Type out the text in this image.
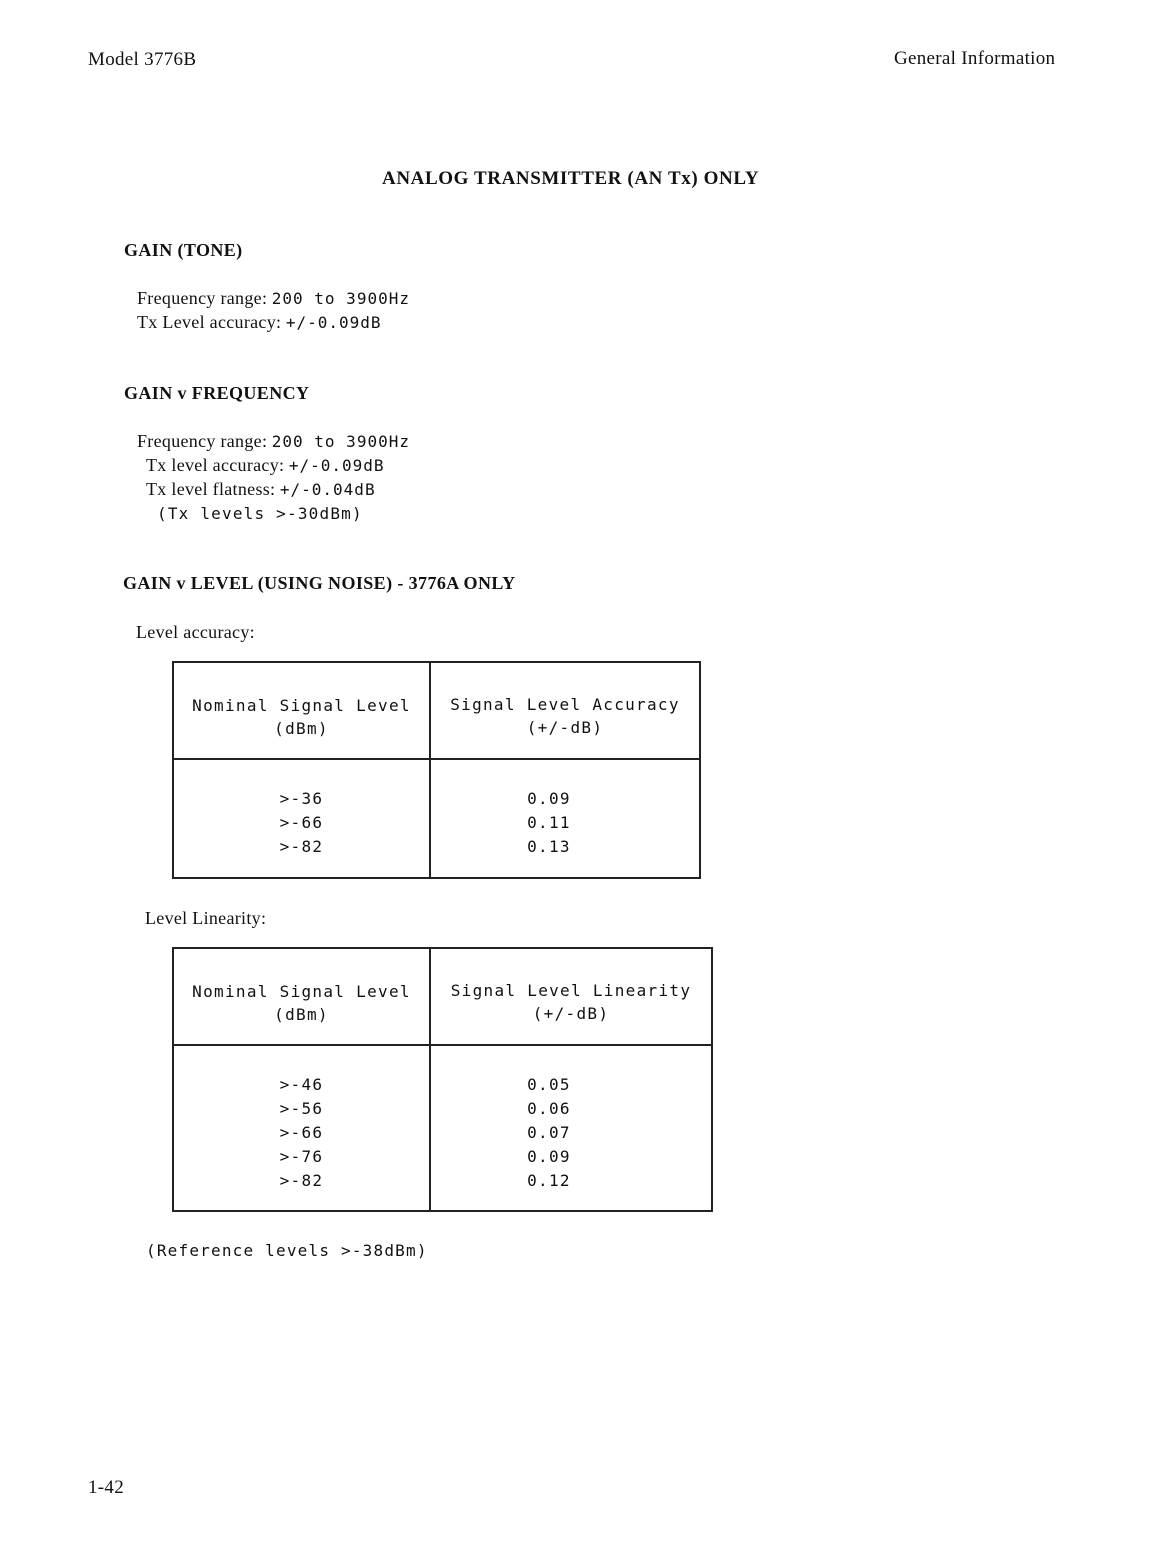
Model 3776B	General Information
ANALOG TRANSMITTER (AN Tx) ONLY
GAIN (TONE)
Frequency range: 200 to 3900Hz
Tx Level accuracy: +/-0.09dB
GAIN v FREQUENCY
Frequency range: 200 to 3900Hz
Tx level accuracy: +/-0.09dB
Tx level flatness: +/-0.04dB
(Tx levels >-30dBm)
GAIN v LEVEL (USING NOISE) - 3776A ONLY
Level accuracy:
Nominal Signal Level
(dBm)
Signal Level Accuracy
(+/-dB)
>-36
>-66
>-82
0.09
0.11
0.13
Level Linearity:
Nominal Signal Level
(dBm)
Signal Level Linearity
(+/-dB)
>-46
>-56
>-66
>-76
>-82
0.05
0.06
0.07
0.09
0.12
(Reference levels >-38dBm)
1-42
